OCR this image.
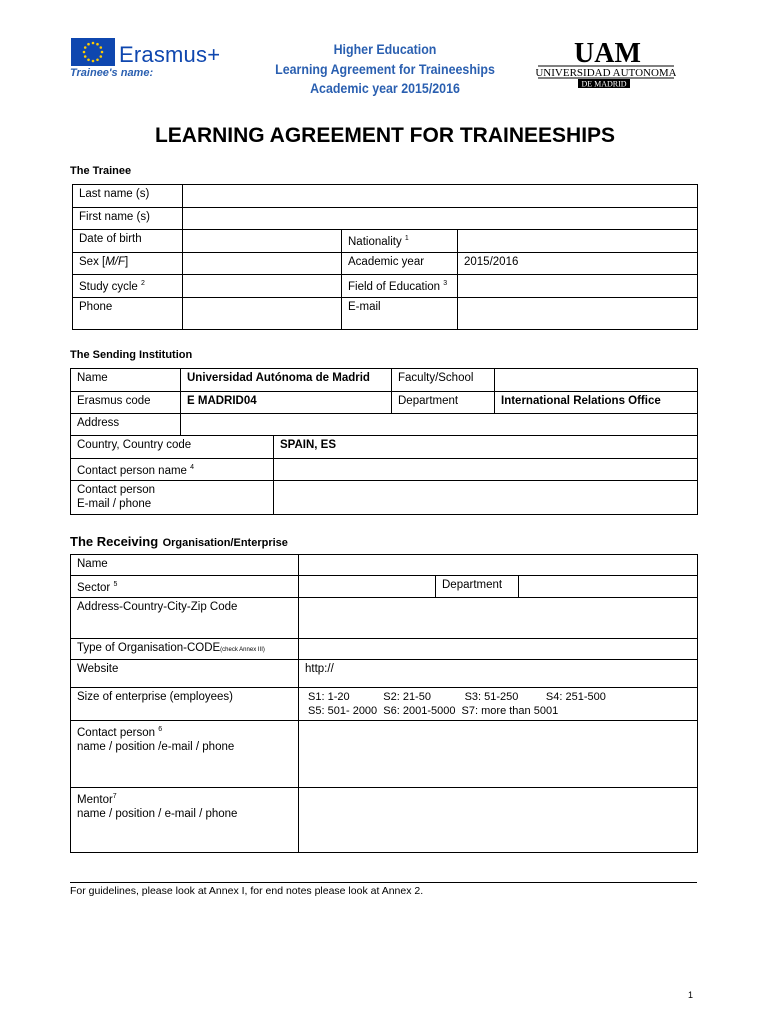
Erasmus+
Trainee's name:
Higher Education
Learning Agreement for Traineeships
Academic year 2015/2016
UAM
UNIVERSIDAD AUTONOMA
DE MADRID
LEARNING AGREEMENT FOR TRAINEESHIPS
The Trainee
Last name (s)			
First name (s)			
Date of birth		Nationality $^1$	
Sex [M/F]		Academic year	2015/2016
Study cycle $^2$		Field of Education $^3$	
Phone		E-mail	
The Sending Institution
Name	Universidad Autónoma de Madrid		Faculty/School	
Erasmus code	E MADRID04		Department	International Relations Office
Address				
Country, Country code		SPAIN, ES		
Contact person name $^4$	
Contact person
E-mail / phone				
The Receiving Organisation/Enterprise
Name			
Sector $^5$		Department	
Address-Country-City-Zip Code			
Type of Organisation-CODE(check Annex III)			
Website	http://		
Size of enterprise (employees)	S1: 1-20           S2: 21-50           S3: 51-250         S4: 251-500
S5: 501- 2000  S6: 2001-5000  S7: more than 5001		
Contact person $^6$
name / position /e-mail / phone			
Mentor$^7$
name / position / e-mail / phone			
For guidelines, please look at Annex I, for end notes please look at Annex 2.
1
